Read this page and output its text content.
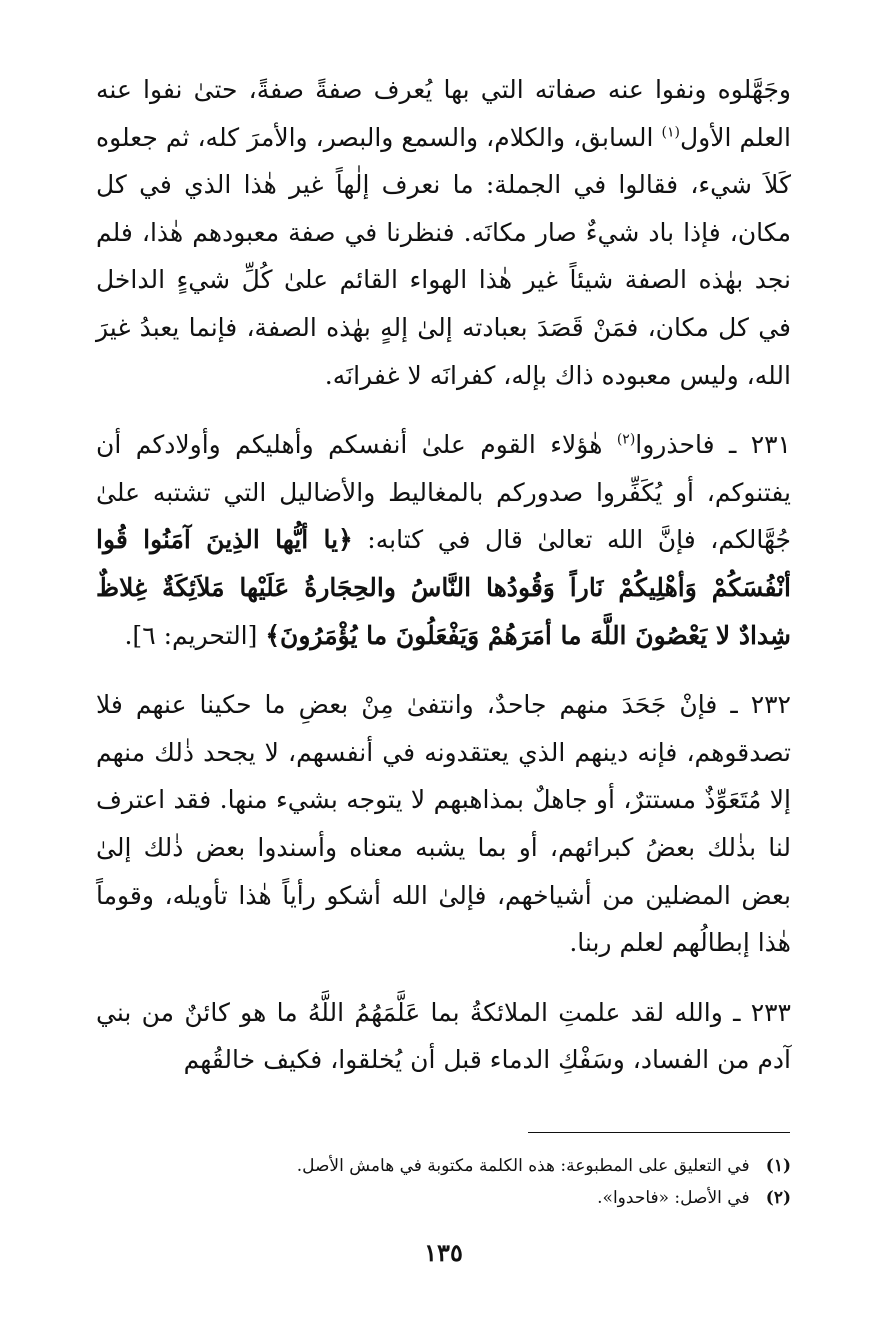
وجَهَّلوه ونفوا عنه صفاته التي بها يُعرف صفةً صفةً، حتىٰ نفوا عنه العلم الأول$^{(١)}$ السابق، والكلام، والسمع والبصر، والأمرَ كله، ثم جعلوه كَلاَ شيء، فقالوا في الجملة: ما نعرف إلٰهاً غير هٰذا الذي في كل مكان، فإذا باد شيءٌ صار مكانَه. فنظرنا في صفة معبودهم هٰذا، فلم نجد بهٰذه الصفة شيئاً غير هٰذا الهواء القائم علىٰ كُلِّ شيءٍ الداخل في كل مكان، فمَنْ قَصَدَ بعبادته إلىٰ إلهٍ بهٰذه الصفة، فإنما يعبدُ غيرَ الله، وليس معبوده ذاك بإله، كفرانَه لا غفرانَه.

٢٣١ ـ فاحذروا$^{(٢)}$ هٰؤلاء القوم علىٰ أنفسكم وأهليكم وأولادكم أن يفتنوكم، أو يُكَفِّروا صدوركم بالمغاليط والأضاليل التي تشتبه علىٰ جُهَّالكم، فإنَّ الله تعالىٰ قال في كتابه: ﴿يا أيُّها الذِينَ آمَنُوا قُوا أنْفُسَكُمْ وَأهْلِيكُمْ نَاراً وَقُودُها النَّاسُ والحِجَارةُ عَلَيْها مَلاَئِكَةٌ غِلاظٌ شِدادٌ لا يَعْصُونَ اللَّهَ ما أمَرَهُمْ وَيَفْعَلُونَ ما يُؤْمَرُونَ﴾ [التحريم: ٦].

٢٣٢ ـ فإنْ جَحَدَ منهم جاحدٌ، وانتفىٰ مِنْ بعضِ ما حكينا عنهم فلا تصدقوهم، فإنه دينهم الذي يعتقدونه في أنفسهم، لا يجحد ذٰلك منهم إلا مُتَعَوِّذٌ مستترٌ، أو جاهلٌ بمذاهبهم لا يتوجه بشيء منها. فقد اعترف لنا بذٰلك بعضُ كبرائهم، أو بما يشبه معناه وأسندوا بعض ذٰلك إلىٰ بعض المضلين من أشياخهم، فإلىٰ الله أشكو رأياً هٰذا تأويله، وقوماً هٰذا إبطالُهم لعلم ربنا.

٢٣٣ ـ والله لقد علمتِ الملائكةُ بما عَلَّمَهُمُ اللَّهُ ما هو كائنٌ من بني آدم من الفساد، وسَفْكِ الدماء قبل أن يُخلقوا، فكيف خالقُهم

(١) في التعليق على المطبوعة: هذه الكلمة مكتوبة في هامش الأصل.
(٢) في الأصل: «فاحدوا».
١٣٥
